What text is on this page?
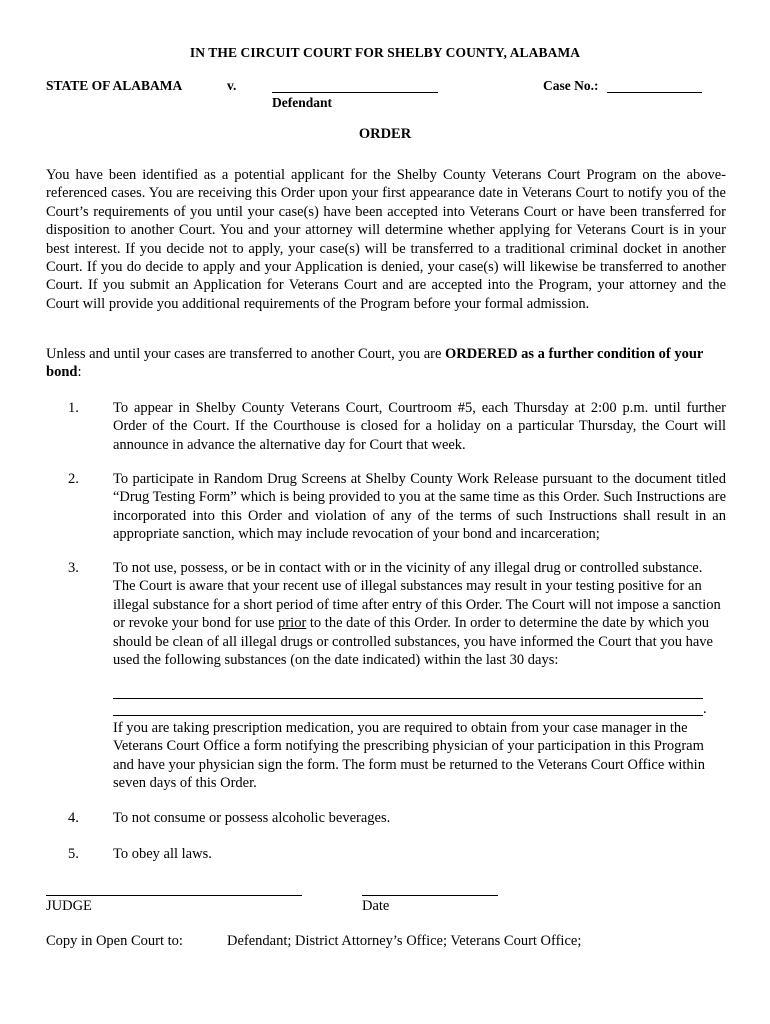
IN THE CIRCUIT COURT FOR SHELBY COUNTY, ALABAMA
STATE OF ALABAMA	v.
Defendant
Case No.:
ORDER

You have been identified as a potential applicant for the Shelby County Veterans Court Program on the above-referenced cases. You are receiving this Order upon your first appearance date in Veterans Court to notify you of the Court’s requirements of you until your case(s) have been accepted into Veterans Court or have been transferred for disposition to another Court. You and your attorney will determine whether applying for Veterans Court is in your best interest. If you decide not to apply, your case(s) will be transferred to a traditional criminal docket in another Court. If you do decide to apply and your Application is denied, your case(s) will likewise be transferred to another Court. If you submit an Application for Veterans Court and are accepted into the Program, your attorney and the Court will provide you additional requirements of the Program before your formal admission.

Unless and until your cases are transferred to another Court, you are ORDERED as a further condition of your bond:

1. To appear in Shelby County Veterans Court, Courtroom #5, each Thursday at 2:00 p.m. until further Order of the Court. If the Courthouse is closed for a holiday on a particular Thursday, the Court will announce in advance the alternative day for Court that week.

2. To participate in Random Drug Screens at Shelby County Work Release pursuant to the document titled “Drug Testing Form” which is being provided to you at the same time as this Order. Such Instructions are incorporated into this Order and violation of any of the terms of such Instructions shall result in an appropriate sanction, which may include revocation of your bond and incarceration;

3. To not use, possess, or be in contact with or in the vicinity of any illegal drug or controlled substance. The Court is aware that your recent use of illegal substances may result in your testing positive for an illegal substance for a short period of time after entry of this Order. The Court will not impose a sanction or revoke your bond for use prior to the date of this Order. In order to determine the date by which you should be clean of all illegal drugs or controlled substances, you have informed the Court that you have used the following substances (on the date indicated) within the last 30 days:

.

If you are taking prescription medication, you are required to obtain from your case manager in the Veterans Court Office a form notifying the prescribing physician of your participation in this Program and have your physician sign the form. The form must be returned to the Veterans Court Office within seven days of this Order.

4. To not consume or possess alcoholic beverages.

5. To obey all laws.

JUDGE	Date
Copy in Open Court to:	Defendant; District Attorney’s Office; Veterans Court Office;
